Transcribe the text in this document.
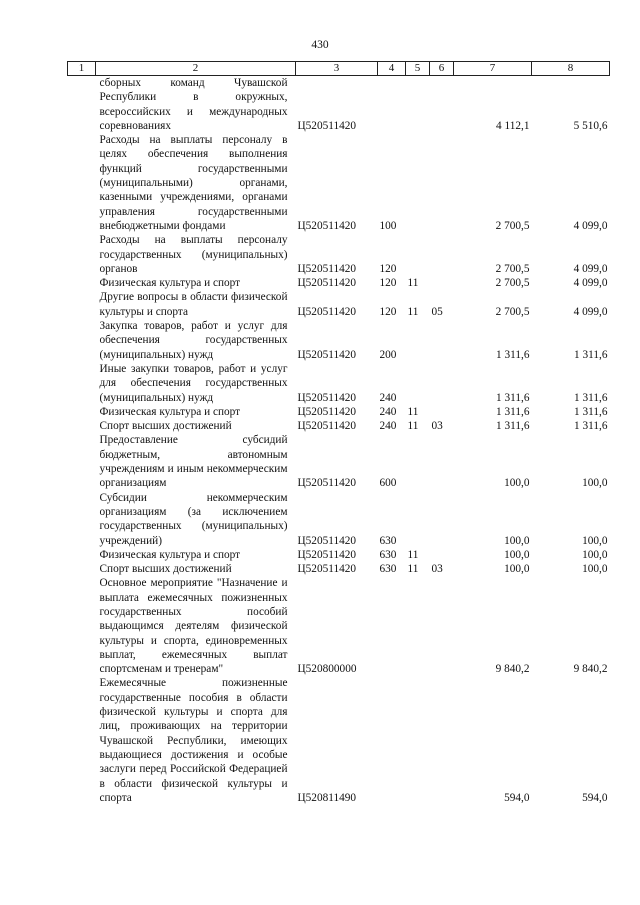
430
1	2	3	4	5	6	7	8
	сборных команд Чувашской Республики в окружных, всероссийских и международных соревнованиях	Ц520511420				4 112,1	5 510,6
	Расходы на выплаты персоналу в целях обеспечения выполнения функций государственными (муниципальными) органами, казенными учреждениями, органами управления государственными внебюджетными фондами	Ц520511420	100			2 700,5	4 099,0
	Расходы на выплаты персоналу государственных (муниципальных) органов	Ц520511420	120			2 700,5	4 099,0
	Физическая культура и спорт	Ц520511420	120	11		2 700,5	4 099,0
	Другие вопросы в области физической культуры и спорта	Ц520511420	120	11	05	2 700,5	4 099,0
	Закупка товаров, работ и услуг для обеспечения государственных (муниципальных) нужд	Ц520511420	200			1 311,6	1 311,6
	Иные закупки товаров, работ и услуг для обеспечения государственных (муниципальных) нужд	Ц520511420	240			1 311,6	1 311,6
	Физическая культура и спорт	Ц520511420	240	11		1 311,6	1 311,6
	Спорт высших достижений	Ц520511420	240	11	03	1 311,6	1 311,6
	Предоставление субсидий бюджетным, автономным учреждениям и иным некоммерческим организациям	Ц520511420	600			100,0	100,0
	Субсидии некоммерческим организациям (за исключением государственных (муниципальных) учреждений)	Ц520511420	630			100,0	100,0
	Физическая культура и спорт	Ц520511420	630	11		100,0	100,0
	Спорт высших достижений	Ц520511420	630	11	03	100,0	100,0
	Основное мероприятие "Назначение и выплата ежемесячных пожизненных государственных пособий выдающимся деятелям физической культуры и спорта, единовременных выплат, ежемесячных выплат спортсменам и тренерам"	Ц520800000				9 840,2	9 840,2
	Ежемесячные пожизненные государственные пособия в области физической культуры и спорта для лиц, проживающих на территории Чувашской Республики, имеющих выдающиеся достижения и особые заслуги перед Российской Федерацией в области физической культуры и спорта	Ц520811490				594,0	594,0
